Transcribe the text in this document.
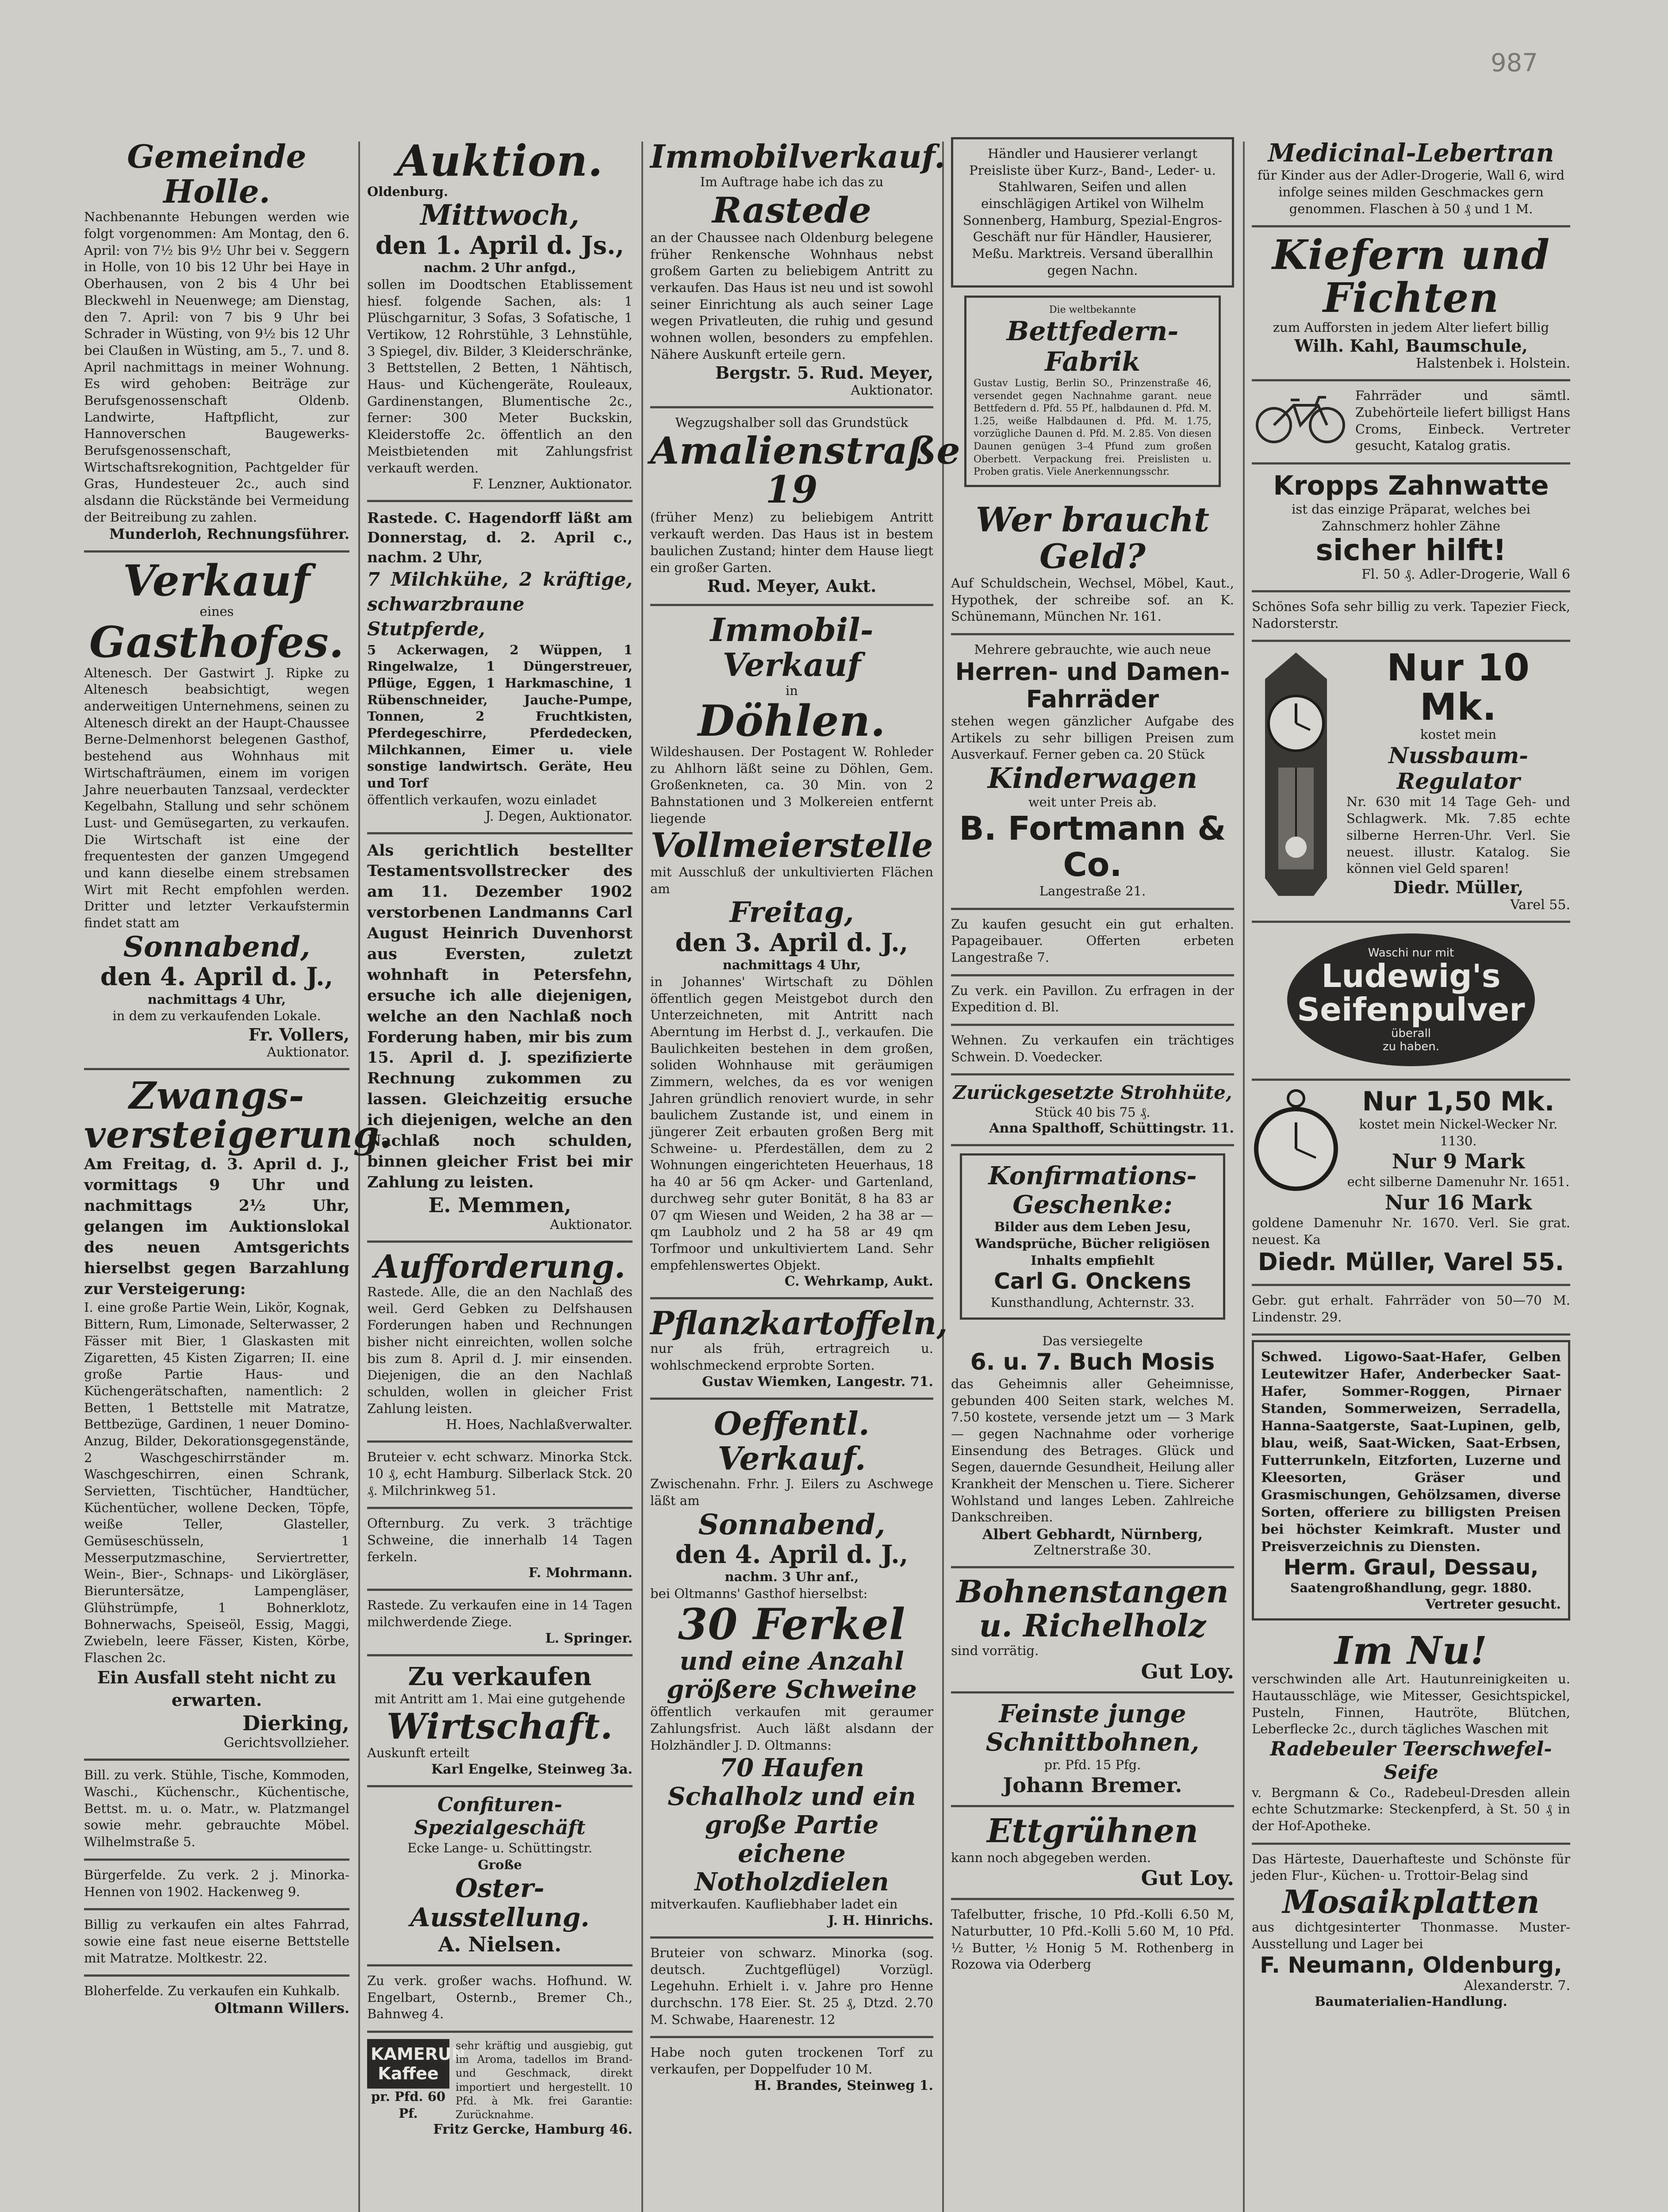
987
Gemeinde Holle.
Nachbenannte Hebungen werden wie folgt vorgenommen: Am Montag, den 6. April: von 7½ bis 9½ Uhr bei v. Seggern in Holle, von 10 bis 12 Uhr bei Haye in Oberhausen, von 2 bis 4 Uhr bei Bleckwehl in Neuenwege; am Dienstag, den 7. April: von 7 bis 9 Uhr bei Schrader in Wüsting, von 9½ bis 12 Uhr bei Claußen in Wüsting, am 5., 7. und 8. April nachmittags in meiner Wohnung. Es wird gehoben: Beiträge zur Berufsgenossenschaft Oldenb. Landwirte, Haftpflicht, zur Hannoverschen Baugewerks-Berufsgenossenschaft, Wirtschaftsrekognition, Pachtgelder für Gras, Hundesteuer 2c., auch sind alsdann die Rückstände bei Vermeidung der Beitreibung zu zahlen.
Munderloh, Rechnungsführer.
Verkauf
eines
Gasthofes.
Altenesch. Der Gastwirt J. Ripke zu Altenesch beabsichtigt, wegen anderweitigen Unternehmens, seinen zu Altenesch direkt an der Haupt-Chaussee Berne-Delmenhorst belegenen Gasthof, bestehend aus Wohnhaus mit Wirtschafträumen, einem im vorigen Jahre neuerbauten Tanzsaal, verdeckter Kegelbahn, Stallung und sehr schönem Lust- und Gemüsegarten, zu verkaufen. Die Wirtschaft ist eine der frequentesten der ganzen Umgegend und kann dieselbe einem strebsamen Wirt mit Recht empfohlen werden. Dritter und letzter Verkaufstermin findet statt am
Sonnabend,
den 4. April d. J.,
nachmittags 4 Uhr,
in dem zu verkaufenden Lokale.
Fr. Vollers,
Auktionator.
Zwangs-
versteigerung.
Am Freitag, d. 3. April d. J., vormittags 9 Uhr und nachmittags 2½ Uhr, gelangen im Auktionslokal des neuen Amtsgerichts hierselbst gegen Barzahlung zur Versteigerung:
I. eine große Partie Wein, Likör, Kognak, Bittern, Rum, Limonade, Selterwasser, 2 Fässer mit Bier, 1 Glaskasten mit Zigaretten, 45 Kisten Zigarren; II. eine große Partie Haus- und Küchengerätschaften, namentlich: 2 Betten, 1 Bettstelle mit Matratze, Bettbezüge, Gardinen, 1 neuer Domino-Anzug, Bilder, Dekorationsgegenstände, 2 Waschgeschirrständer m. Waschgeschirren, einen Schrank, Servietten, Tischtücher, Handtücher, Küchentücher, wollene Decken, Töpfe, weiße Teller, Glasteller, Gemüseschüsseln, 1 Messerputzmaschine, Serviertretter, Wein-, Bier-, Schnaps- und Likörgläser, Bieruntersätze, Lampengläser, Glühstrümpfe, 1 Bohnerklotz, Bohnerwachs, Speiseöl, Essig, Maggi, Zwiebeln, leere Fässer, Kisten, Körbe, Flaschen 2c.
Ein Ausfall steht nicht zu erwarten.
Dierking,
Gerichtsvollzieher.
Bill. zu verk. Stühle, Tische, Kommoden, Waschi., Küchenschr., Küchentische, Bettst. m. u. o. Matr., w. Platzmangel sowie mehr. gebrauchte Möbel. Wilhelmstraße 5.
Bürgerfelde. Zu verk. 2 j. Minorka-Hennen von 1902. Hackenweg 9.
Billig zu verkaufen ein altes Fahrrad, sowie eine fast neue eiserne Bettstelle mit Matratze. Moltkestr. 22.
Bloherfelde. Zu verkaufen ein Kuhkalb.
Oltmann Willers.
Auktion.
Oldenburg.
Mittwoch,
den 1. April d. Js.,
nachm. 2 Uhr anfgd.,
sollen im Doodtschen Etablissement hiesf. folgende Sachen, als: 1 Plüschgarnitur, 3 Sofas, 3 Sofatische, 1 Vertikow, 12 Rohrstühle, 3 Lehnstühle, 3 Spiegel, div. Bilder, 3 Kleiderschränke, 3 Bettstellen, 2 Betten, 1 Nähtisch, Haus- und Küchengeräte, Rouleaux, Gardinenstangen, Blumentische 2c., ferner: 300 Meter Buckskin, Kleiderstoffe 2c. öffentlich an den Meistbietenden mit Zahlungsfrist verkauft werden.
F. Lenzner, Auktionator.
Rastede. C. Hagendorff läßt am Donnerstag, d. 2. April c., nachm. 2 Uhr,
7 Milchkühe, 2 kräftige, schwarzbraune Stutpferde,
5 Ackerwagen, 2 Wüppen, 1 Ringelwalze, 1 Düngerstreuer, Pflüge, Eggen, 1 Harkmaschine, 1 Rübenschneider, Jauche-Pumpe, Tonnen, 2 Fruchtkisten, Pferdegeschirre, Pferdedecken, Milchkannen, Eimer u. viele sonstige landwirtsch. Geräte, Heu und Torf
öffentlich verkaufen, wozu einladet
J. Degen, Auktionator.
Als gerichtlich bestellter Testamentsvollstrecker des am 11. Dezember 1902 verstorbenen Landmanns Carl August Heinrich Duvenhorst aus Eversten, zuletzt wohnhaft in Petersfehn, ersuche ich alle diejenigen, welche an den Nachlaß noch Forderung haben, mir bis zum 15. April d. J. spezifizierte Rechnung zukommen zu lassen. Gleichzeitig ersuche ich diejenigen, welche an den Nachlaß noch schulden, binnen gleicher Frist bei mir Zahlung zu leisten.
E. Memmen,
Auktionator.
Aufforderung.
Rastede. Alle, die an den Nachlaß des weil. Gerd Gebken zu Delfshausen Forderungen haben und Rechnungen bisher nicht einreichten, wollen solche bis zum 8. April d. J. mir einsenden. Diejenigen, die an den Nachlaß schulden, wollen in gleicher Frist Zahlung leisten.
H. Hoes, Nachlaßverwalter.
Bruteier v. echt schwarz. Minorka Stck. 10 ₰, echt Hamburg. Silberlack Stck. 20 ₰. Milchrinkweg 51.
Ofternburg. Zu verk. 3 trächtige Schweine, die innerhalb 14 Tagen ferkeln.
F. Mohrmann.
Rastede. Zu verkaufen eine in 14 Tagen milchwerdende Ziege.
L. Springer.
Zu verkaufen
mit Antritt am 1. Mai eine gutgehende
Wirtschaft.
Auskunft erteilt
Karl Engelke, Steinweg 3a.
Confituren-Spezialgeschäft
Ecke Lange- u. Schüttingstr.
Große
Oster-Ausstellung.
A. Nielsen.
Zu verk. großer wachs. Hofhund. W. Engelbart, Osternb., Bremer Ch., Bahnweg 4.
KAMERUN
Kaffee
pr. Pfd. 60 Pf.
sehr kräftig und ausgiebig, gut im Aroma, tadellos im Brand- und Geschmack, direkt importiert und hergestellt. 10 Pfd. à Mk. frei Garantie: Zurücknahme.
Fritz Gercke, Hamburg 46.
Immobilverkauf.
Im Auftrage habe ich das zu
Rastede
an der Chaussee nach Oldenburg belegene früher Renkensche Wohnhaus nebst großem Garten zu beliebigem Antritt zu verkaufen. Das Haus ist neu und ist sowohl seiner Einrichtung als auch seiner Lage wegen Privatleuten, die ruhig und gesund wohnen wollen, besonders zu empfehlen. Nähere Auskunft erteile gern.
Bergstr. 5. Rud. Meyer,
Auktionator.
Wegzugshalber soll das Grundstück
Amalienstraße 19
(früher Menz) zu beliebigem Antritt verkauft werden. Das Haus ist in bestem baulichen Zustand; hinter dem Hause liegt ein großer Garten.
Rud. Meyer, Aukt.
Immobil-Verkauf
in
Döhlen.
Wildeshausen. Der Postagent W. Rohleder zu Ahlhorn läßt seine zu Döhlen, Gem. Großenkneten, ca. 30 Min. von 2 Bahnstationen und 3 Molkereien entfernt liegende
Vollmeierstelle
mit Ausschluß der unkultivierten Flächen am
Freitag,
den 3. April d. J.,
nachmittags 4 Uhr,
in Johannes' Wirtschaft zu Döhlen öffentlich gegen Meistgebot durch den Unterzeichneten, mit Antritt nach Aberntung im Herbst d. J., verkaufen. Die Baulichkeiten bestehen in dem großen, soliden Wohnhause mit geräumigen Zimmern, welches, da es vor wenigen Jahren gründlich renoviert wurde, in sehr baulichem Zustande ist, und einem in jüngerer Zeit erbauten großen Berg mit Schweine- u. Pferdeställen, dem zu 2 Wohnungen eingerichteten Heuerhaus, 18 ha 40 ar 56 qm Acker- und Gartenland, durchweg sehr guter Bonität, 8 ha 83 ar 07 qm Wiesen und Weiden, 2 ha 38 ar — qm Laubholz und 2 ha 58 ar 49 qm Torfmoor und unkultiviertem Land. Sehr empfehlenswertes Objekt.
C. Wehrkamp, Aukt.
Pflanzkartoffeln,
nur als früh, ertragreich u. wohlschmeckend erprobte Sorten.
Gustav Wiemken, Langestr. 71.
Oeffentl. Verkauf.
Zwischenahn. Frhr. J. Eilers zu Aschwege läßt am
Sonnabend,
den 4. April d. J.,
nachm. 3 Uhr anf.,
bei Oltmanns' Gasthof hierselbst:
30 Ferkel
und eine Anzahl größere Schweine
öffentlich verkaufen mit geraumer Zahlungsfrist. Auch läßt alsdann der Holzhändler J. D. Oltmanns:
70 Haufen Schalholz und ein große Partie eichene Notholzdielen
mitverkaufen. Kaufliebhaber ladet ein
J. H. Hinrichs.
Bruteier von schwarz. Minorka (sog. deutsch. Zuchtgeflügel) Vorzügl. Legehuhn. Erhielt i. v. Jahre pro Henne durchschn. 178 Eier. St. 25 ₰, Dtzd. 2.70 M. Schwabe, Haarenestr. 12
Habe noch guten trockenen Torf zu verkaufen, per Doppelfuder 10 M.
H. Brandes, Steinweg 1.
Händler und Hausierer verlangt Preisliste über Kurz-, Band-, Leder- u. Stahlwaren, Seifen und allen einschlägigen Artikel von Wilhelm Sonnenberg, Hamburg, Spezial-Engros-Geschäft nur für Händler, Hausierer, Meßu. Marktreis. Versand überallhin gegen Nachn.
Die weltbekannte
Bettfedern-Fabrik
Gustav Lustig, Berlin SO., Prinzenstraße 46, versendet gegen Nachnahme garant. neue Bettfedern d. Pfd. 55 Pf., halbdaunen d. Pfd. M. 1.25, weiße Halbdaunen d. Pfd. M. 1.75, vorzügliche Daunen d. Pfd. M. 2.85. Von diesen Daunen genügen 3–4 Pfund zum großen Oberbett. Verpackung frei. Preislisten u. Proben gratis. Viele Anerkennungsschr.
Wer braucht Geld?
Auf Schuldschein, Wechsel, Möbel, Kaut., Hypothek, der schreibe sof. an K. Schünemann, München Nr. 161.
Mehrere gebrauchte, wie auch neue
Herren- und Damen-Fahrräder
stehen wegen gänzlicher Aufgabe des Artikels zu sehr billigen Preisen zum Ausverkauf. Ferner geben ca. 20 Stück
Kinderwagen
weit unter Preis ab.
B. Fortmann & Co.
Langestraße 21.
Zu kaufen gesucht ein gut erhalten. Papageibauer. Offerten erbeten Langestraße 7.
Zu verk. ein Pavillon. Zu erfragen in der Expedition d. Bl.
Wehnen. Zu verkaufen ein trächtiges Schwein. D. Voedecker.
Zurückgesetzte Strohhüte,
Stück 40 bis 75 ₰.
Anna Spalthoff, Schüttingstr. 11.
Konfirmations-Geschenke:
Bilder aus dem Leben Jesu, Wandsprüche, Bücher religiösen Inhalts empfiehlt
Carl G. Onckens
Kunsthandlung, Achternstr. 33.
Das versiegelte
6. u. 7. Buch Mosis
das Geheimnis aller Geheimnisse, gebunden 400 Seiten stark, welches M. 7.50 kostete, versende jetzt um — 3 Mark — gegen Nachnahme oder vorherige Einsendung des Betrages. Glück und Segen, dauernde Gesundheit, Heilung aller Krankheit der Menschen u. Tiere. Sicherer Wohlstand und langes Leben. Zahlreiche Dankschreiben.
Albert Gebhardt, Nürnberg,
Zeltnerstraße 30.
Bohnenstangen u. Richelholz
sind vorrätig.
Gut Loy.
Feinste junge Schnittbohnen,
pr. Pfd. 15 Pfg.
Johann Bremer.
Ettgrühnen
kann noch abgegeben werden.
Gut Loy.
Tafelbutter, frische, 10 Pfd.-Kolli 6.50 M, Naturbutter, 10 Pfd.-Kolli 5.60 M, 10 Pfd. ½ Butter, ½ Honig 5 M. Rothenberg in Rozowa via Oderberg
Medicinal-Lebertran
für Kinder aus der Adler-Drogerie, Wall 6, wird infolge seines milden Geschmackes gern genommen. Flaschen à 50 ₰ und 1 M.
Kiefern und Fichten
zum Aufforsten in jedem Alter liefert billig
Wilh. Kahl, Baumschule,
Halstenbek i. Holstein.
Fahrräder und sämtl. Zubehörteile liefert billigst Hans Croms, Einbeck. Vertreter gesucht, Katalog gratis.
Kropps Zahnwatte
ist das einzige Präparat, welches bei Zahnschmerz hohler Zähne
sicher hilft!
Fl. 50 ₰. Adler-Drogerie, Wall 6
Schönes Sofa sehr billig zu verk. Tapezier Fieck, Nadorsterstr.
Nur 10 Mk.
kostet mein
Nussbaum-Regulator
Nr. 630 mit 14 Tage Geh- und Schlagwerk. Mk. 7.85 echte silberne Herren-Uhr. Verl. Sie neuest. illustr. Katalog. Sie können viel Geld sparen!
Diedr. Müller,
Varel 55.
Waschi nur mit
Ludewig's
Seifenpulver
überall
zu haben.
Nur 1,50 Mk.
kostet mein Nickel-Wecker Nr. 1130.
Nur 9 Mark
echt silberne Damenuhr Nr. 1651.
Nur 16 Mark
goldene Damenuhr Nr. 1670. Verl. Sie grat. neuest. Ka
Diedr. Müller, Varel 55.
Gebr. gut erhalt. Fahrräder von 50—70 M. Lindenstr. 29.
Schwed. Ligowo-Saat-Hafer, Gelben Leutewitzer Hafer, Anderbecker Saat-Hafer, Sommer-Roggen, Pirnaer Standen, Sommerweizen, Serradella, Hanna-Saatgerste, Saat-Lupinen, gelb, blau, weiß, Saat-Wicken, Saat-Erbsen, Futterrunkeln, Eitzforten, Luzerne und Kleesorten, Gräser und Grasmischungen, Gehölzsamen, diverse Sorten, offeriere zu billigsten Preisen bei höchster Keimkraft. Muster und Preisverzeichnis zu Diensten.
Herm. Graul, Dessau,
Saatengroßhandlung, gegr. 1880.
Vertreter gesucht.
Im Nu!
verschwinden alle Art. Hautunreinigkeiten u. Hautausschläge, wie Mitesser, Gesichtspickel, Pusteln, Finnen, Hautröte, Blütchen, Leberflecke 2c., durch tägliches Waschen mit
Radebeuler Teerschwefel-Seife
v. Bergmann & Co., Radebeul-Dresden allein echte Schutzmarke: Steckenpferd, à St. 50 ₰ in der Hof-Apotheke.
Das Härteste, Dauerhafteste und Schönste für jeden Flur-, Küchen- u. Trottoir-Belag sind
Mosaikplatten
aus dichtgesinterter Thonmasse. Muster-Ausstellung und Lager bei
F. Neumann, Oldenburg,
Alexanderstr. 7.
Baumaterialien-Handlung.
